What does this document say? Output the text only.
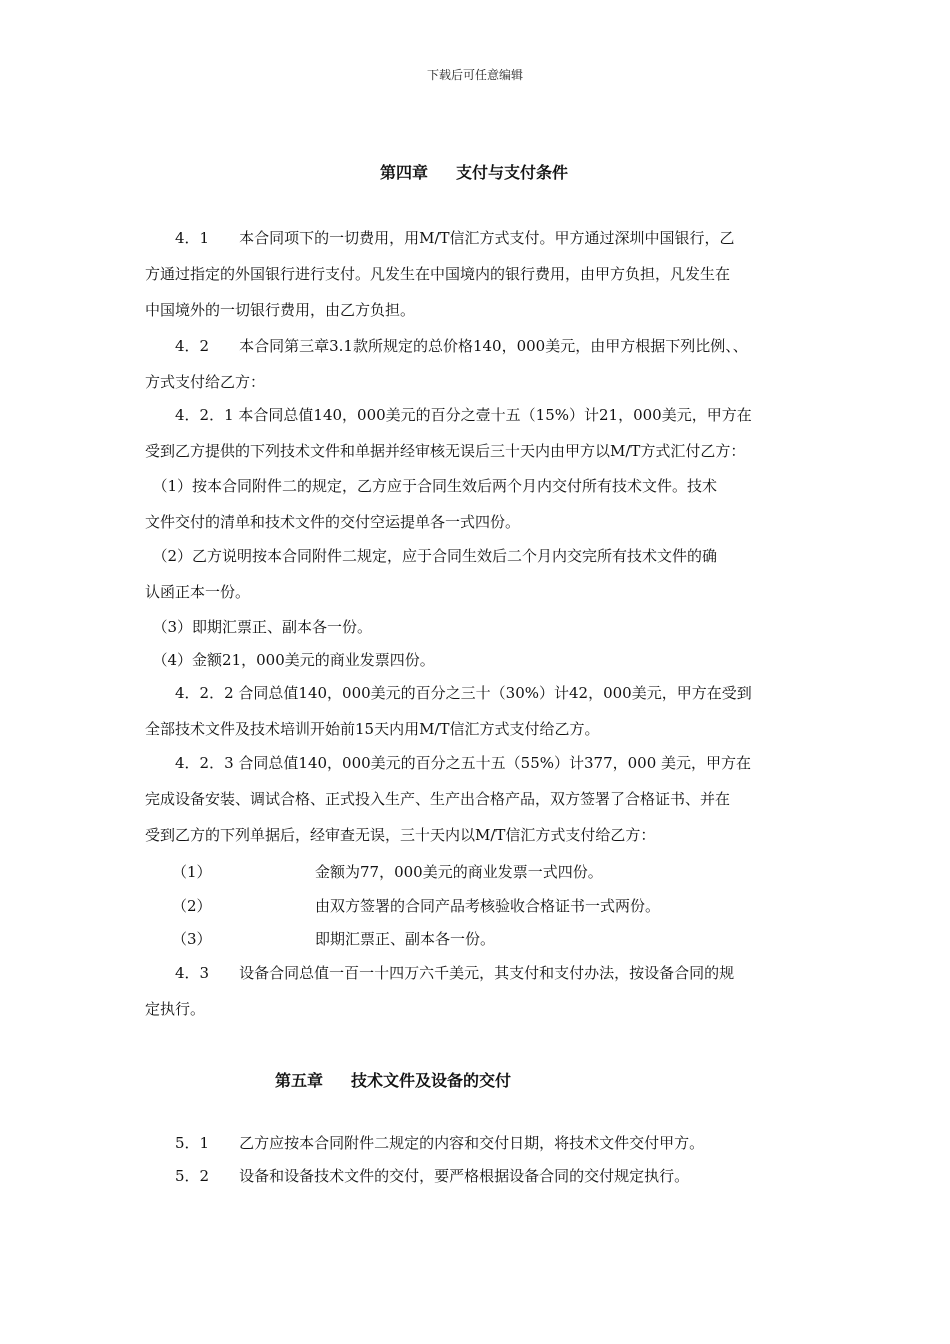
下载后可任意编辑
第四章 支付与支付条件
　　4．1　　本合同项下的一切费用，用M/T信汇方式支付。甲方通过深圳中国银行，乙
方通过指定的外国银行进行支付。凡发生在中国境内的银行费用，由甲方负担，凡发生在
中国境外的一切银行费用，由乙方负担。
　　4．2　　本合同第三章3.1款所规定的总价格140，000美元，由甲方根据下列比例、、
方式支付给乙方：
　　4．2．1 本合同总值140，000美元的百分之壹十五（15%）计21，000美元，甲方在
受到乙方提供的下列技术文件和单据并经审核无误后三十天内由甲方以M/T方式汇付乙方：
　（1）按本合同附件二的规定，乙方应于合同生效后两个月内交付所有技术文件。技术
文件交付的清单和技术文件的交付空运提单各一式四份。
　（2）乙方说明按本合同附件二规定，应于合同生效后二个月内交完所有技术文件的确
认函正本一份。
　（3）即期汇票正、副本各一份。
　（4）金额21，000美元的商业发票四份。
　　4．2．2 合同总值140，000美元的百分之三十（30%）计42，000美元，甲方在受到
全部技术文件及技术培训开始前15天内用M/T信汇方式支付给乙方。
　　4．2．3 合同总值140，000美元的百分之五十五（55%）计377，000 美元，甲方在
完成设备安装、调试合格、正式投入生产、生产出合格产品，双方签署了合格证书、并在
受到乙方的下列单据后，经审查无误，三十天内以M/T信汇方式支付给乙方：
（1）	金额为77，000美元的商业发票一式四份。
（2）	由双方签署的合同产品考核验收合格证书一式两份。
（3）	即期汇票正、副本各一份。
　　4．3　　设备合同总值一百一十四万六千美元，其支付和支付办法，按设备合同的规
定执行。
第五章 技术文件及设备的交付
　　5．1　　乙方应按本合同附件二规定的内容和交付日期，将技术文件交付甲方。
　　5．2　　设备和设备技术文件的交付，要严格根据设备合同的交付规定执行。
